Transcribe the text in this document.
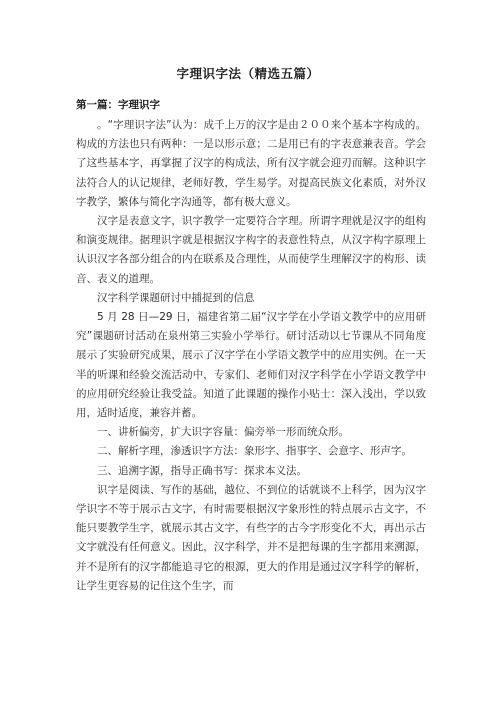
字理识字法（精选五篇）
第一篇：字理识字

。“字理识字法”认为：成千上万的汉字是由２００来个基本字构成的。构成的方法也只有两种：一是以形示意；二是用已有的字表意兼表音。学会了这些基本字，再掌握了汉字的构成法，所有汉字就会迎刃而解。这种识字法符合人的认记规律，老师好教，学生易学。对提高民族文化素质，对外汉字教学，繁体与简化字沟通等，都有极大意义。

汉字是表意文字，识字教学一定要符合字理。所谓字理就是汉字的组构和演变规律。据理识字就是根据汉字构字的表意性特点，从汉字构字原理上认识汉字各部分组合的内在联系及合理性，从而使学生理解汉字的构形、读音、表义的道理。

汉字科学课题研讨中捕捉到的信息

5 月 28 日—29 日，福建省第二届“汉字学在小学语文教学中的应用研究”课题研讨活动在泉州第三实验小学举行。研讨活动以七节课从不同角度展示了实验研究成果，展示了汉字学在小学语文教学中的应用实例。在一天半的听课和经验交流活动中，专家们、老师们对汉字科学在小学语文教学中的应用研究经验让我受益。知道了此课题的操作小贴士：深入浅出，学以致用，适时适度，兼容并蓄。

一、讲析偏旁，扩大识字容量：偏旁举一形而统众形。

二、解析字理，渗透识字方法：象形字、指事字、会意字、形声字。

三、追溯字源，指导正确书写：探求本义法。

识字是阅读、写作的基础，越位、不到位的话就谈不上科学，因为汉字学识字不等于展示古文字，有时需要根据汉字象形性的特点展示古文字，不能只要教学生字，就展示其古文字，有些字的古今字形变化不大，再出示古文字就没有任何意义。因此，汉字科学，并不是把每课的生字都用来溯源，并不是所有的汉字都能追寻它的根源，更大的作用是通过汉字科学的解析，让学生更容易的记住这个生字，而
